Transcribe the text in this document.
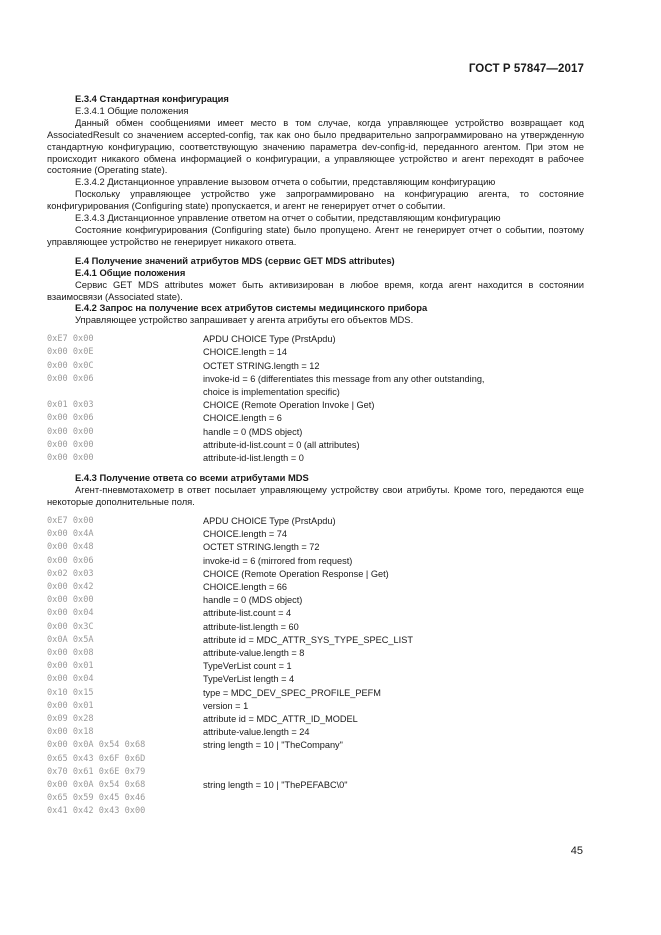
ГОСТ Р 57847—2017

E.3.4 Стандартная конфигурация

E.3.4.1 Общие положения

Данный обмен сообщениями имеет место в том случае, когда управляющее устройство возвращает код AssociatedResult со значением accepted-config, так как оно было предварительно запрограммировано на утвержденную стандартную конфигурацию, соответствующую значению параметра dev-config-id, переданного агентом. При этом не происходит никакого обмена информацией о конфигурации, а управляющее устройство и агент переходят в рабочее состояние (Operating state).

E.3.4.2 Дистанционное управление вызовом отчета о событии, представляющим конфигурацию

Поскольку управляющее устройство уже запрограммировано на конфигурацию агента, то состояние конфигурирования (Configuring state) пропускается, и агент не генерирует отчет о событии.

E.3.4.3 Дистанционное управление ответом на отчет о событии, представляющим конфигурацию

Состояние конфигурирования (Configuring state) было пропущено. Агент не генерирует отчет о событии, поэтому управляющее устройство не генерирует никакого ответа.

E.4 Получение значений атрибутов MDS (сервис GET MDS attributes)

E.4.1 Общие положения

Сервис GET MDS attributes может быть активизирован в любое время, когда агент находится в состоянии взаимосвязи (Associated state).

E.4.2 Запрос на получение всех атрибутов системы медицинского прибора

Управляющее устройство запрашивает у агента атрибуты его объектов MDS.

0xE7 0x00	APDU CHOICE Type (PrstApdu)
0x00 0x0E	CHOICE.length = 14
0x00 0x0C	OCTET STRING.length = 12
0x00 0x06	invoke-id = 6 (differentiates this message from any other outstanding,
	choice is implementation specific)
0x01 0x03	CHOICE (Remote Operation Invoke | Get)
0x00 0x06	CHOICE.length = 6
0x00 0x00	handle = 0 (MDS object)
0x00 0x00	attribute-id-list.count = 0 (all attributes)
0x00 0x00	attribute-id-list.length = 0

E.4.3 Получение ответа со всеми атрибутами MDS

Агент-пневмотахометр в ответ посылает управляющему устройству свои атрибуты. Кроме того, передаются еще некоторые дополнительные поля.

0xE7 0x00	APDU CHOICE Type (PrstApdu)
0x00 0x4A	CHOICE.length = 74
0x00 0x48	OCTET STRING.length = 72
0x00 0x06	invoke-id = 6 (mirrored from request)
0x02 0x03	CHOICE (Remote Operation Response | Get)
0x00 0x42	CHOICE.length = 66
0x00 0x00	handle = 0 (MDS object)
0x00 0x04	attribute-list.count = 4
0x00 0x3C	attribute-list.length = 60
0x0A 0x5A	attribute id = MDC_ATTR_SYS_TYPE_SPEC_LIST
0x00 0x08	attribute-value.length = 8
0x00 0x01	TypeVerList count = 1
0x00 0x04	TypeVerList length = 4
0x10 0x15	type = MDC_DEV_SPEC_PROFILE_PEFM
0x00 0x01	version = 1
0x09 0x28	attribute id = MDC_ATTR_ID_MODEL
0x00 0x18	attribute-value.length = 24
0x00 0x0A 0x54 0x68	string length = 10 | "TheCompany"
0x65 0x43 0x6F 0x6D	
0x70 0x61 0x6E 0x79	
0x00 0x0A 0x54 0x68	string length = 10 | "ThePEFABC\0"
0x65 0x59 0x45 0x46	
0x41 0x42 0x43 0x00	
45
